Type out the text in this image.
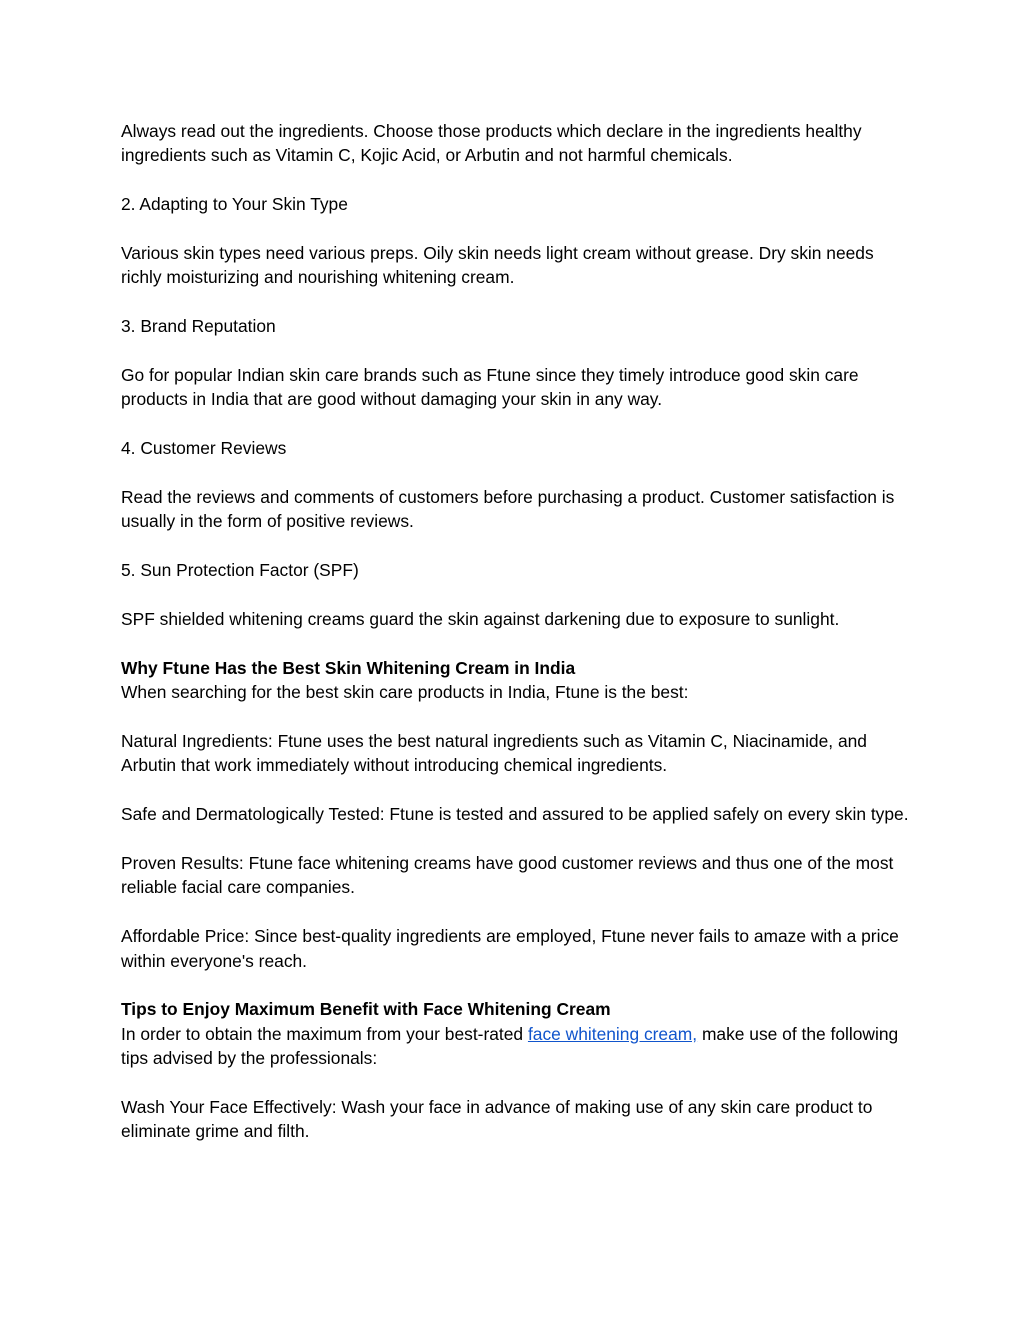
Always read out the ingredients. Choose those products which declare in the ingredients healthy ingredients such as Vitamin C, Kojic Acid, or Arbutin and not harmful chemicals.

2. Adapting to Your Skin Type

Various skin types need various preps. Oily skin needs light cream without grease. Dry skin needs richly moisturizing and nourishing whitening cream.

3. Brand Reputation

Go for popular Indian skin care brands such as Ftune since they timely introduce good skin care products in India that are good without damaging your skin in any way.

4. Customer Reviews

Read the reviews and comments of customers before purchasing a product. Customer satisfaction is usually in the form of positive reviews.

5. Sun Protection Factor (SPF)

SPF shielded whitening creams guard the skin against darkening due to exposure to sunlight.

Why Ftune Has the Best Skin Whitening Cream in India

When searching for the best skin care products in India, Ftune is the best:

Natural Ingredients: Ftune uses the best natural ingredients such as Vitamin C, Niacinamide, and Arbutin that work immediately without introducing chemical ingredients.

Safe and Dermatologically Tested: Ftune is tested and assured to be applied safely on every skin type.

Proven Results: Ftune face whitening creams have good customer reviews and thus one of the most reliable facial care companies.

Affordable Price: Since best-quality ingredients are employed, Ftune never fails to amaze with a price within everyone's reach.

Tips to Enjoy Maximum Benefit with Face Whitening Cream

In order to obtain the maximum from your best-rated face whitening cream, make use of the following tips advised by the professionals:

Wash Your Face Effectively: Wash your face in advance of making use of any skin care product to eliminate grime and filth.
